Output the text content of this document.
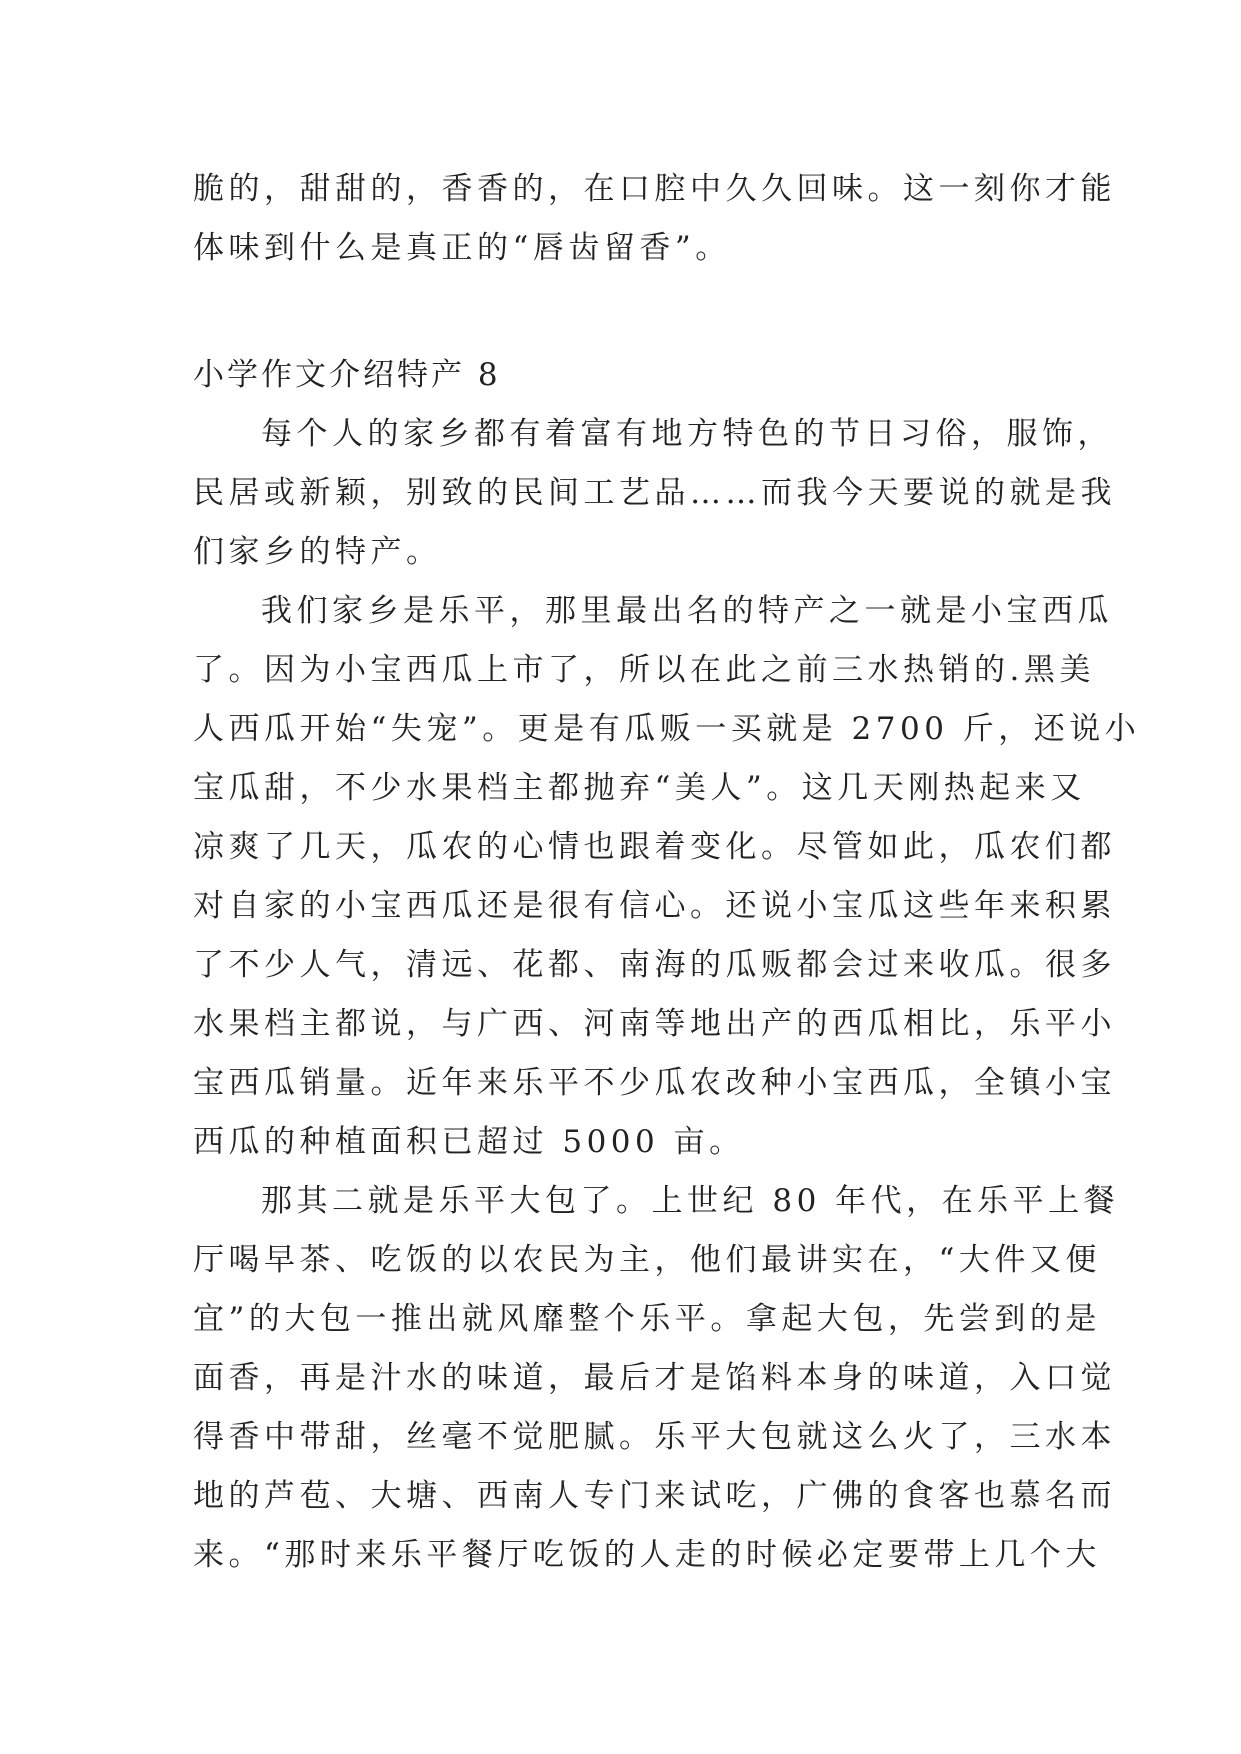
脆的，甜甜的，香香的，在口腔中久久回味。这一刻你才能
体味到什么是真正的“唇齿留香”。
小学作文介绍特产 8
每个人的家乡都有着富有地方特色的节日习俗，服饰，
民居或新颖，别致的民间工艺品……而我今天要说的就是我
们家乡的特产。
我们家乡是乐平，那里最出名的特产之一就是小宝西瓜
了。因为小宝西瓜上市了，所以在此之前三水热销的.黑美
人西瓜开始“失宠”。更是有瓜贩一买就是 2700 斤，还说小
宝瓜甜，不少水果档主都抛弃“美人”。这几天刚热起来又
凉爽了几天，瓜农的心情也跟着变化。尽管如此，瓜农们都
对自家的小宝西瓜还是很有信心。还说小宝瓜这些年来积累
了不少人气，清远、花都、南海的瓜贩都会过来收瓜。很多
水果档主都说，与广西、河南等地出产的西瓜相比，乐平小
宝西瓜销量。近年来乐平不少瓜农改种小宝西瓜，全镇小宝
西瓜的种植面积已超过 5000 亩。
那其二就是乐平大包了。上世纪 80 年代，在乐平上餐
厅喝早茶、吃饭的以农民为主，他们最讲实在，“大件又便
宜”的大包一推出就风靡整个乐平。拿起大包，先尝到的是
面香，再是汁水的味道，最后才是馅料本身的味道，入口觉
得香中带甜，丝毫不觉肥腻。乐平大包就这么火了，三水本
地的芦苞、大塘、西南人专门来试吃，广佛的食客也慕名而
来。“那时来乐平餐厅吃饭的人走的时候必定要带上几个大
